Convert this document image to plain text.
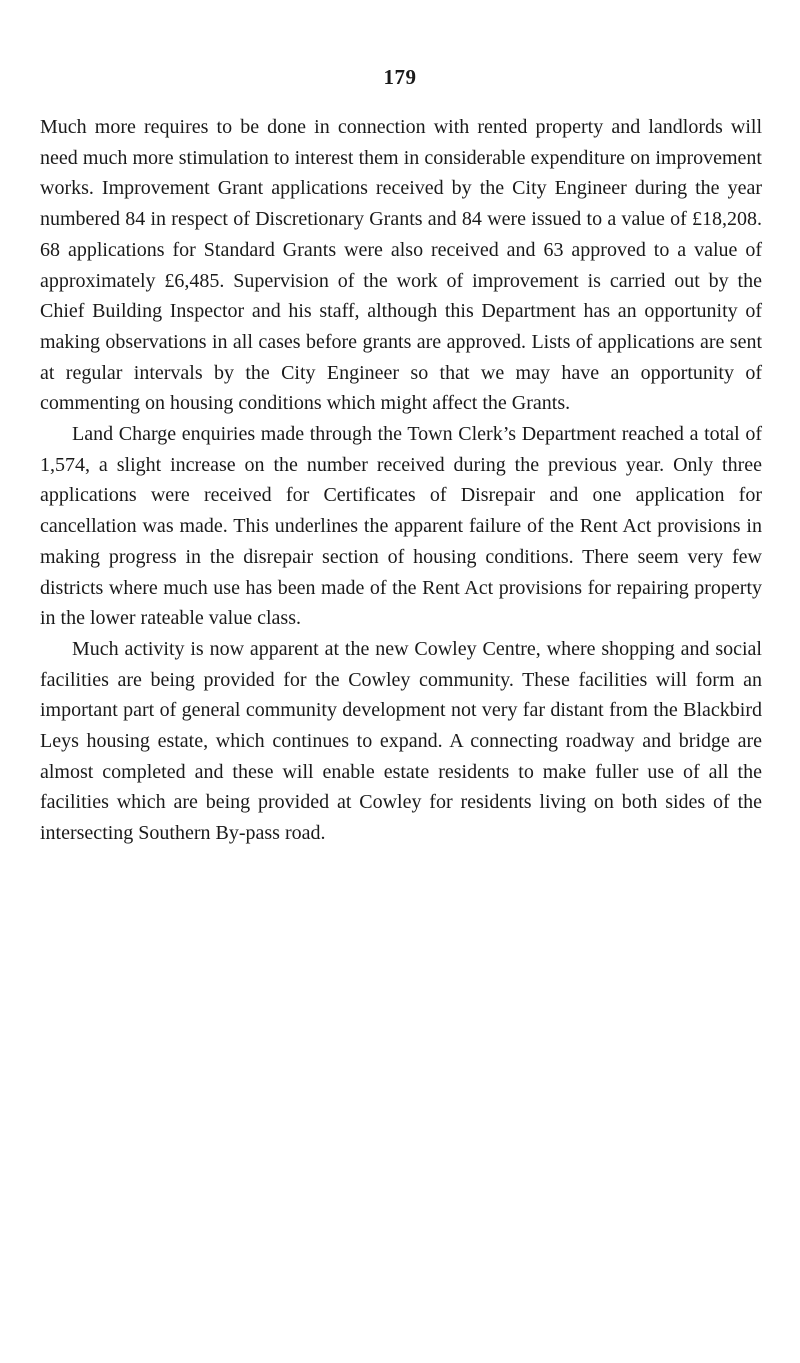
179

Much more requires to be done in connection with rented property and landlords will need much more stimulation to interest them in considerable expenditure on improvement works. Improvement Grant applications received by the City Engineer during the year numbered 84 in respect of Discretionary Grants and 84 were issued to a value of £18,208. 68 applications for Standard Grants were also received and 63 approved to a value of approximately £6,485. Supervision of the work of improvement is carried out by the Chief Building Inspector and his staff, although this Department has an opportunity of making observations in all cases before grants are approved. Lists of applications are sent at regular intervals by the City Engineer so that we may have an opportunity of commenting on housing conditions which might affect the Grants.

Land Charge enquiries made through the Town Clerk’s Department reached a total of 1,574, a slight increase on the number received during the previous year. Only three applications were received for Certificates of Disrepair and one application for cancellation was made. This underlines the apparent failure of the Rent Act provisions in making progress in the disrepair section of housing conditions. There seem very few districts where much use has been made of the Rent Act provisions for repairing property in the lower rateable value class.

Much activity is now apparent at the new Cowley Centre, where shopping and social facilities are being provided for the Cowley community. These facilities will form an important part of general community development not very far distant from the Blackbird Leys housing estate, which continues to expand. A connecting roadway and bridge are almost completed and these will enable estate residents to make fuller use of all the facilities which are being provided at Cowley for residents living on both sides of the intersecting Southern By-pass road.
